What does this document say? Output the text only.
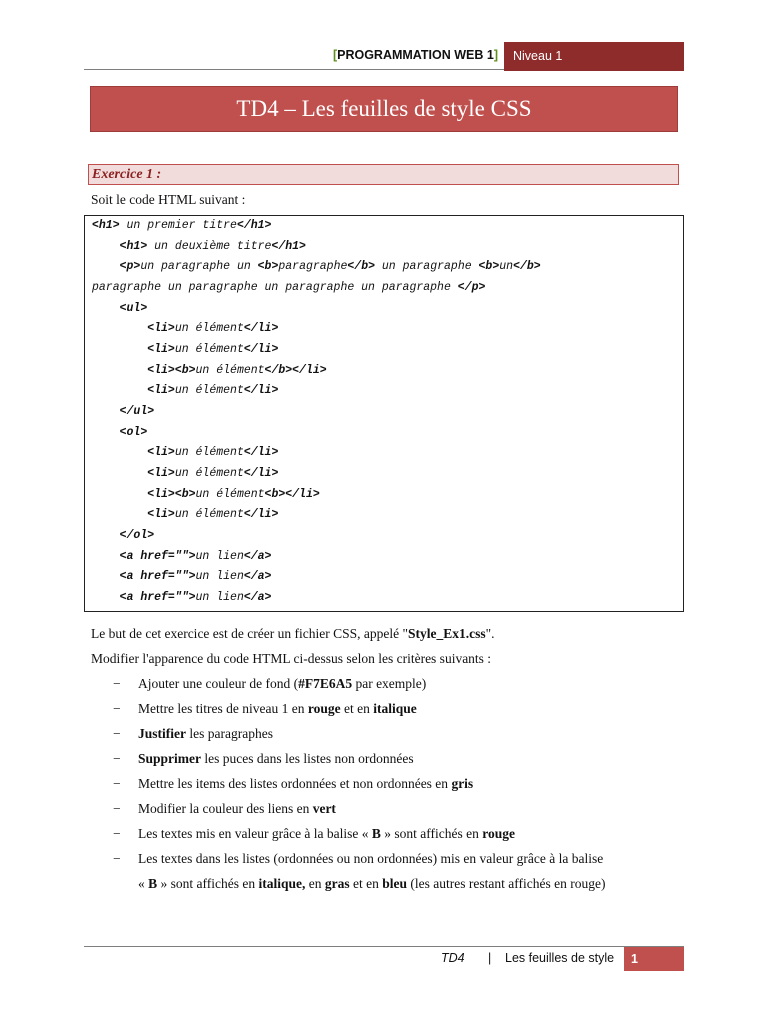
[PROGRAMMATION WEB 1]	Niveau 1
TD4 – Les feuilles de style CSS
Exercice 1 :
Soit le code HTML suivant :
<h1> un premier titre</h1>
<h1> un deuxième titre</h1>
<p>un paragraphe un <b>paragraphe</b> un paragraphe <b>un</b>
paragraphe un paragraphe un paragraphe un paragraphe </p>
<ul>
<li>un élément</li>
<li>un élément</li>
<li><b>un élément</b></li>
<li>un élément</li>
</ul>
<ol>
<li>un élément</li>
<li>un élément</li>
<li><b>un élément<b></li>
<li>un élément</li>
</ol>
<a href="">un lien</a>
<a href="">un lien</a>
<a href="">un lien</a>
Le but de cet exercice est de créer un fichier CSS, appelé "Style_Ex1.css".
Modifier l'apparence du code HTML ci-dessus selon les critères suivants :
− Ajouter une couleur de fond (#F7E6A5 par exemple)
− Mettre les titres de niveau 1 en rouge et en italique
− Justifier les paragraphes
− Supprimer les puces dans les listes non ordonnées
− Mettre les items des listes ordonnées et non ordonnées en gris
− Modifier la couleur des liens en vert
− Les textes mis en valeur grâce à la balise « B » sont affichés en rouge
− Les textes dans les listes (ordonnées ou non ordonnées) mis en valeur grâce à la balise
« B » sont affichés en italique, en gras et en bleu (les autres restant affichés en rouge)
TD4 | Les feuilles de style	1
